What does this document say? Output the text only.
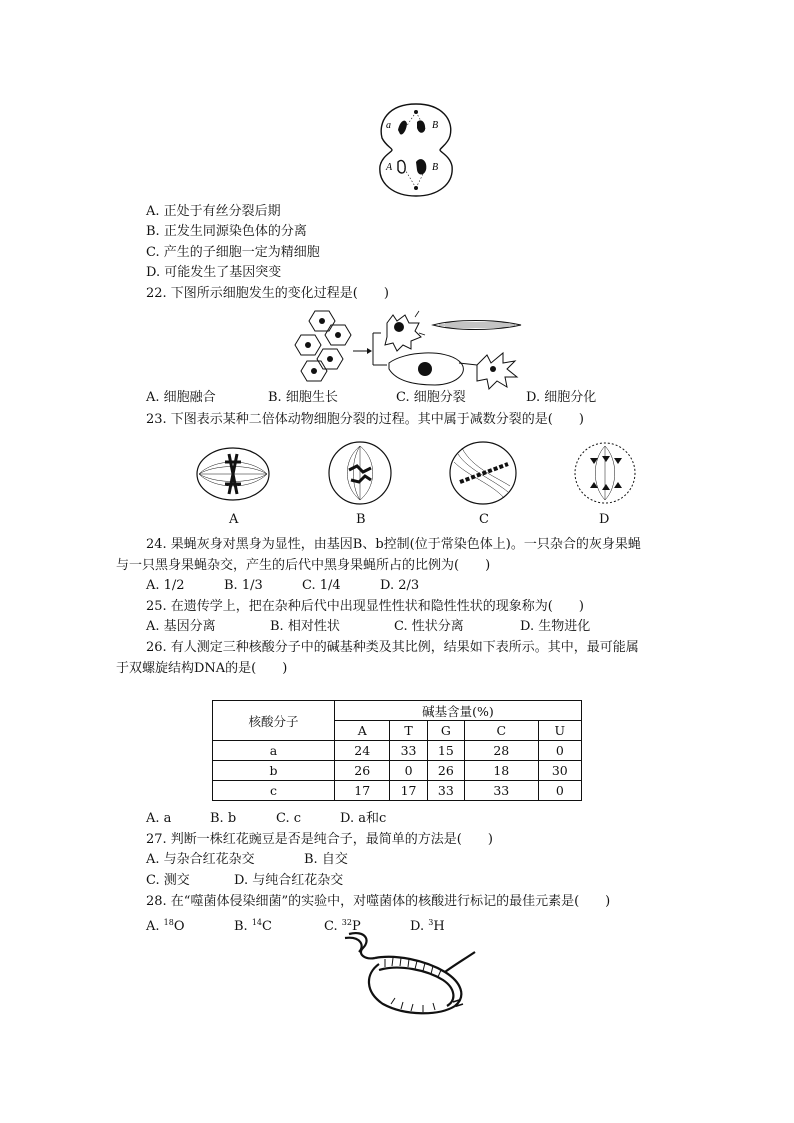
a	B
A	B
A. 正处于有丝分裂后期
B. 正发生同源染色体的分离
C. 产生的子细胞一定为精细胞
D. 可能发生了基因突变
22. 下图所示细胞发生的变化过程是(　　)
A. 细胞融合	B. 细胞生长	C. 细胞分裂	D. 细胞分化
23. 下图表示某种二倍体动物细胞分裂的过程。其中属于减数分裂的是(　　)
A	B	C	D
24. 果蝇灰身对黑身为显性，由基因B、b控制(位于常染色体上)。一只杂合的灰身果蝇
与一只黑身果蝇杂交，产生的后代中黑身果蝇所占的比例为(　　)
A. 1/2	B. 1/3	C. 1/4	D. 2/3
25. 在遗传学上，把在杂种后代中出现显性性状和隐性性状的现象称为(　　)
A. 基因分离	B. 相对性状	C. 性状分离	D. 生物进化
26. 有人测定三种核酸分子中的碱基种类及其比例，结果如下表所示。其中，最可能属
于双螺旋结构DNA的是(　　)
核酸分子	碱基含量(%)				
	A	T	G	C	U
a	24	33	15	28	0
b	26	0	26	18	30
c	17	17	33	33	0
A. a	B. b	C. c	D. a和c
27. 判断一株红花豌豆是否是纯合子，最简单的方法是(　　)
A. 与杂合红花杂交	B. 自交
C. 测交	D. 与纯合红花杂交
28. 在“噬菌体侵染细菌”的实验中，对噬菌体的核酸进行标记的最佳元素是(　　)
A. $^{18}$O	B. $^{14}$C	C. $^{32}$P	D. $^3$H
